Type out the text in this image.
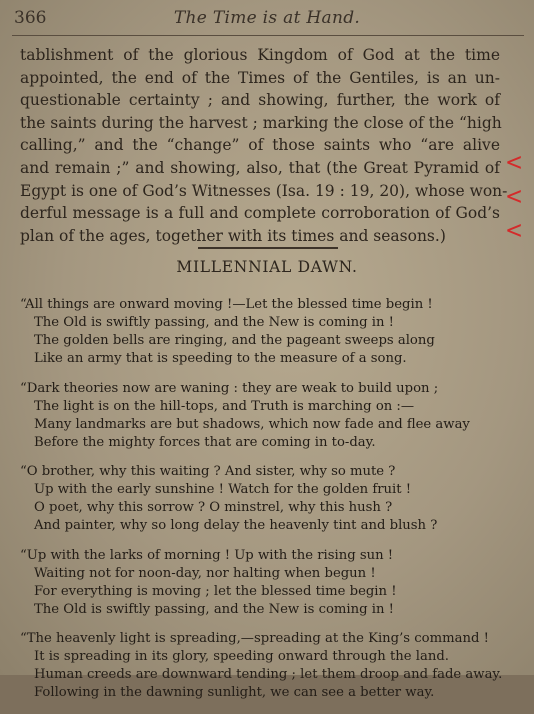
366	The Time is at Hand.
tablishment of the glorious Kingdom of God at the time
appointed, the end of the Times of the Gentiles, is an un-
questionable certainty ; and showing, further, the work of
the saints during the harvest ; marking the close of the “high
calling,” and the “change” of those saints who “are alive
and remain ;” and showing, also, that (the Great Pyramid of
Egypt is one of God’s Witnesses (Isa. 19 : 19, 20), whose won-
derful message is a full and complete corroboration of God’s
plan of the ages, together with its times and seasons.)
<
<
<
MILLENNIAL DAWN.
“All things are onward moving !—Let the blessed time begin !
The Old is swiftly passing, and the New is coming in !
The golden bells are ringing, and the pageant sweeps along
Like an army that is speeding to the measure of a song.
“Dark theories now are waning : they are weak to build upon ;
The light is on the hill-tops, and Truth is marching on :—
Many landmarks are but shadows, which now fade and flee away
Before the mighty forces that are coming in to-day.
“O brother, why this waiting ? And sister, why so mute ?
Up with the early sunshine ! Watch for the golden fruit !
O poet, why this sorrow ? O minstrel, why this hush ?
And painter, why so long delay the heavenly tint and blush ?
“Up with the larks of morning ! Up with the rising sun !
Waiting not for noon-day, nor halting when begun !
For everything is moving ; let the blessed time begin !
The Old is swiftly passing, and the New is coming in !
“The heavenly light is spreading,—spreading at the King’s command !
It is spreading in its glory, speeding onward through the land.
Human creeds are downward tending ; let them droop and fade away.
Following in the dawning sunlight, we can see a better way.
